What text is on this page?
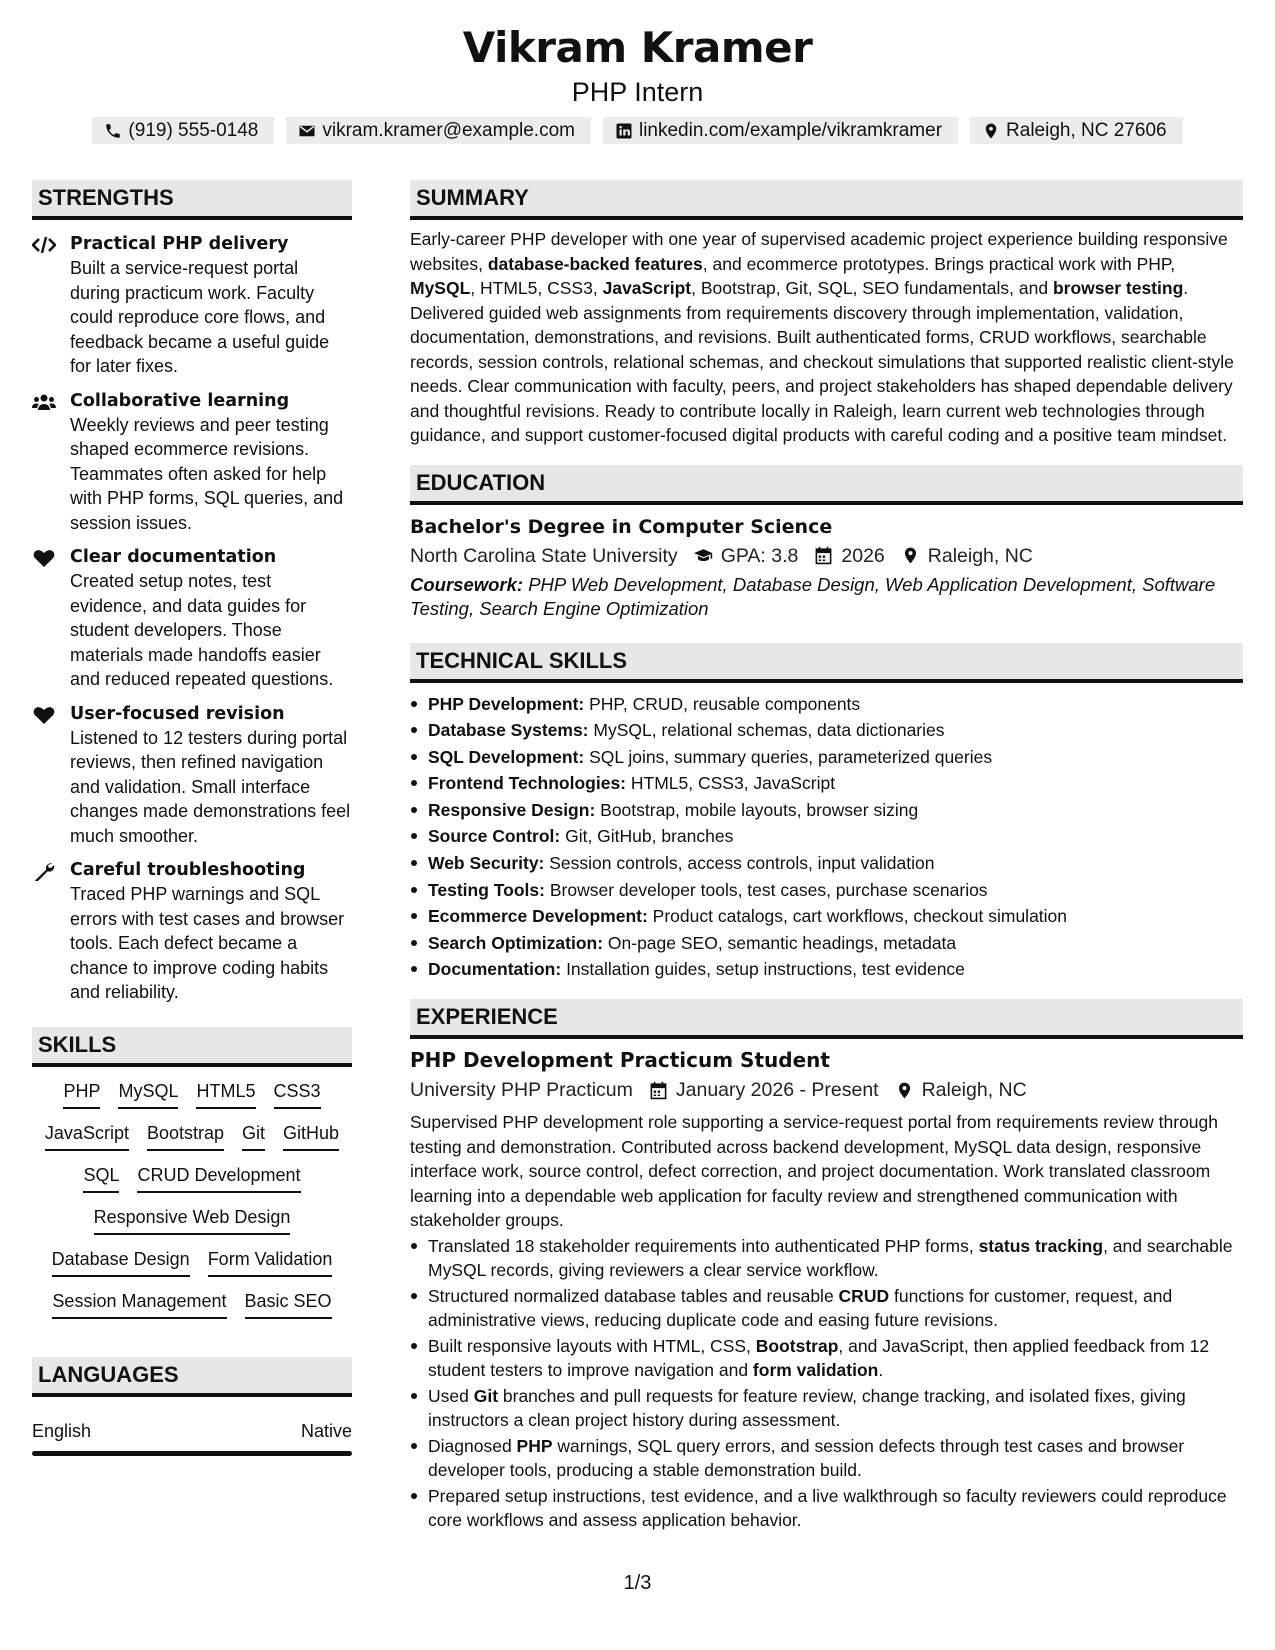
Vikram Kramer
PHP Intern
(919) 555-0148	vikram.kramer@example.com	linkedin.com/example/vikramkramer	Raleigh, NC 27606
STRENGTHS
Practical PHP delivery
Built a service-request portal during practicum work. Faculty could reproduce core flows, and feedback became a useful guide for later fixes.
Collaborative learning
Weekly reviews and peer testing shaped ecommerce revisions. Teammates often asked for help with PHP forms, SQL queries, and session issues.
Clear documentation
Created setup notes, test evidence, and data guides for student developers. Those materials made handoffs easier and reduced repeated questions.
User-focused revision
Listened to 12 testers during portal reviews, then refined navigation and validation. Small interface changes made demonstrations feel much smoother.
Careful troubleshooting
Traced PHP warnings and SQL errors with test cases and browser tools. Each defect became a chance to improve coding habits and reliability.
SKILLS
PHP MySQL HTML5 CSS3
JavaScript Bootstrap Git GitHub
SQL CRUD Development
Responsive Web Design
Database Design Form Validation
Session Management Basic SEO
LANGUAGES
English	Native
SUMMARY

Early-career PHP developer with one year of supervised academic project experience building responsive websites, database-backed features, and ecommerce prototypes. Brings practical work with PHP, MySQL, HTML5, CSS3, JavaScript, Bootstrap, Git, SQL, SEO fundamentals, and browser testing. Delivered guided web assignments from requirements discovery through implementation, validation, documentation, demonstrations, and revisions. Built authenticated forms, CRUD workflows, searchable records, session controls, relational schemas, and checkout simulations that supported realistic client-style needs. Clear communication with faculty, peers, and project stakeholders has shaped dependable delivery and thoughtful revisions. Ready to contribute locally in Raleigh, learn current web technologies through guidance, and support customer-focused digital products with careful coding and a positive team mindset.

EDUCATION
Bachelor's Degree in Computer Science
North Carolina State University GPA: 3.8 2026 Raleigh, NC

Coursework: PHP Web Development, Database Design, Web Application Development, Software Testing, Search Engine Optimization

TECHNICAL SKILLS
PHP Development: PHP, CRUD, reusable components
Database Systems: MySQL, relational schemas, data dictionaries
SQL Development: SQL joins, summary queries, parameterized queries
Frontend Technologies: HTML5, CSS3, JavaScript
Responsive Design: Bootstrap, mobile layouts, browser sizing
Source Control: Git, GitHub, branches
Web Security: Session controls, access controls, input validation
Testing Tools: Browser developer tools, test cases, purchase scenarios
Ecommerce Development: Product catalogs, cart workflows, checkout simulation
Search Optimization: On-page SEO, semantic headings, metadata
Documentation: Installation guides, setup instructions, test evidence
EXPERIENCE
PHP Development Practicum Student
University PHP Practicum January 2026 - Present Raleigh, NC

Supervised PHP development role supporting a service-request portal from requirements review through testing and demonstration. Contributed across backend development, MySQL data design, responsive interface work, source control, defect correction, and project documentation. Work translated classroom learning into a dependable web application for faculty review and strengthened communication with stakeholder groups.

Translated 18 stakeholder requirements into authenticated PHP forms, status tracking, and searchable MySQL records, giving reviewers a clear service workflow.
Structured normalized database tables and reusable CRUD functions for customer, request, and administrative views, reducing duplicate code and easing future revisions.
Built responsive layouts with HTML, CSS, Bootstrap, and JavaScript, then applied feedback from 12 student testers to improve navigation and form validation.
Used Git branches and pull requests for feature review, change tracking, and isolated fixes, giving instructors a clean project history during assessment.
Diagnosed PHP warnings, SQL query errors, and session defects through test cases and browser developer tools, producing a stable demonstration build.
Prepared setup instructions, test evidence, and a live walkthrough so faculty reviewers could reproduce core workflows and assess application behavior.
1/3
